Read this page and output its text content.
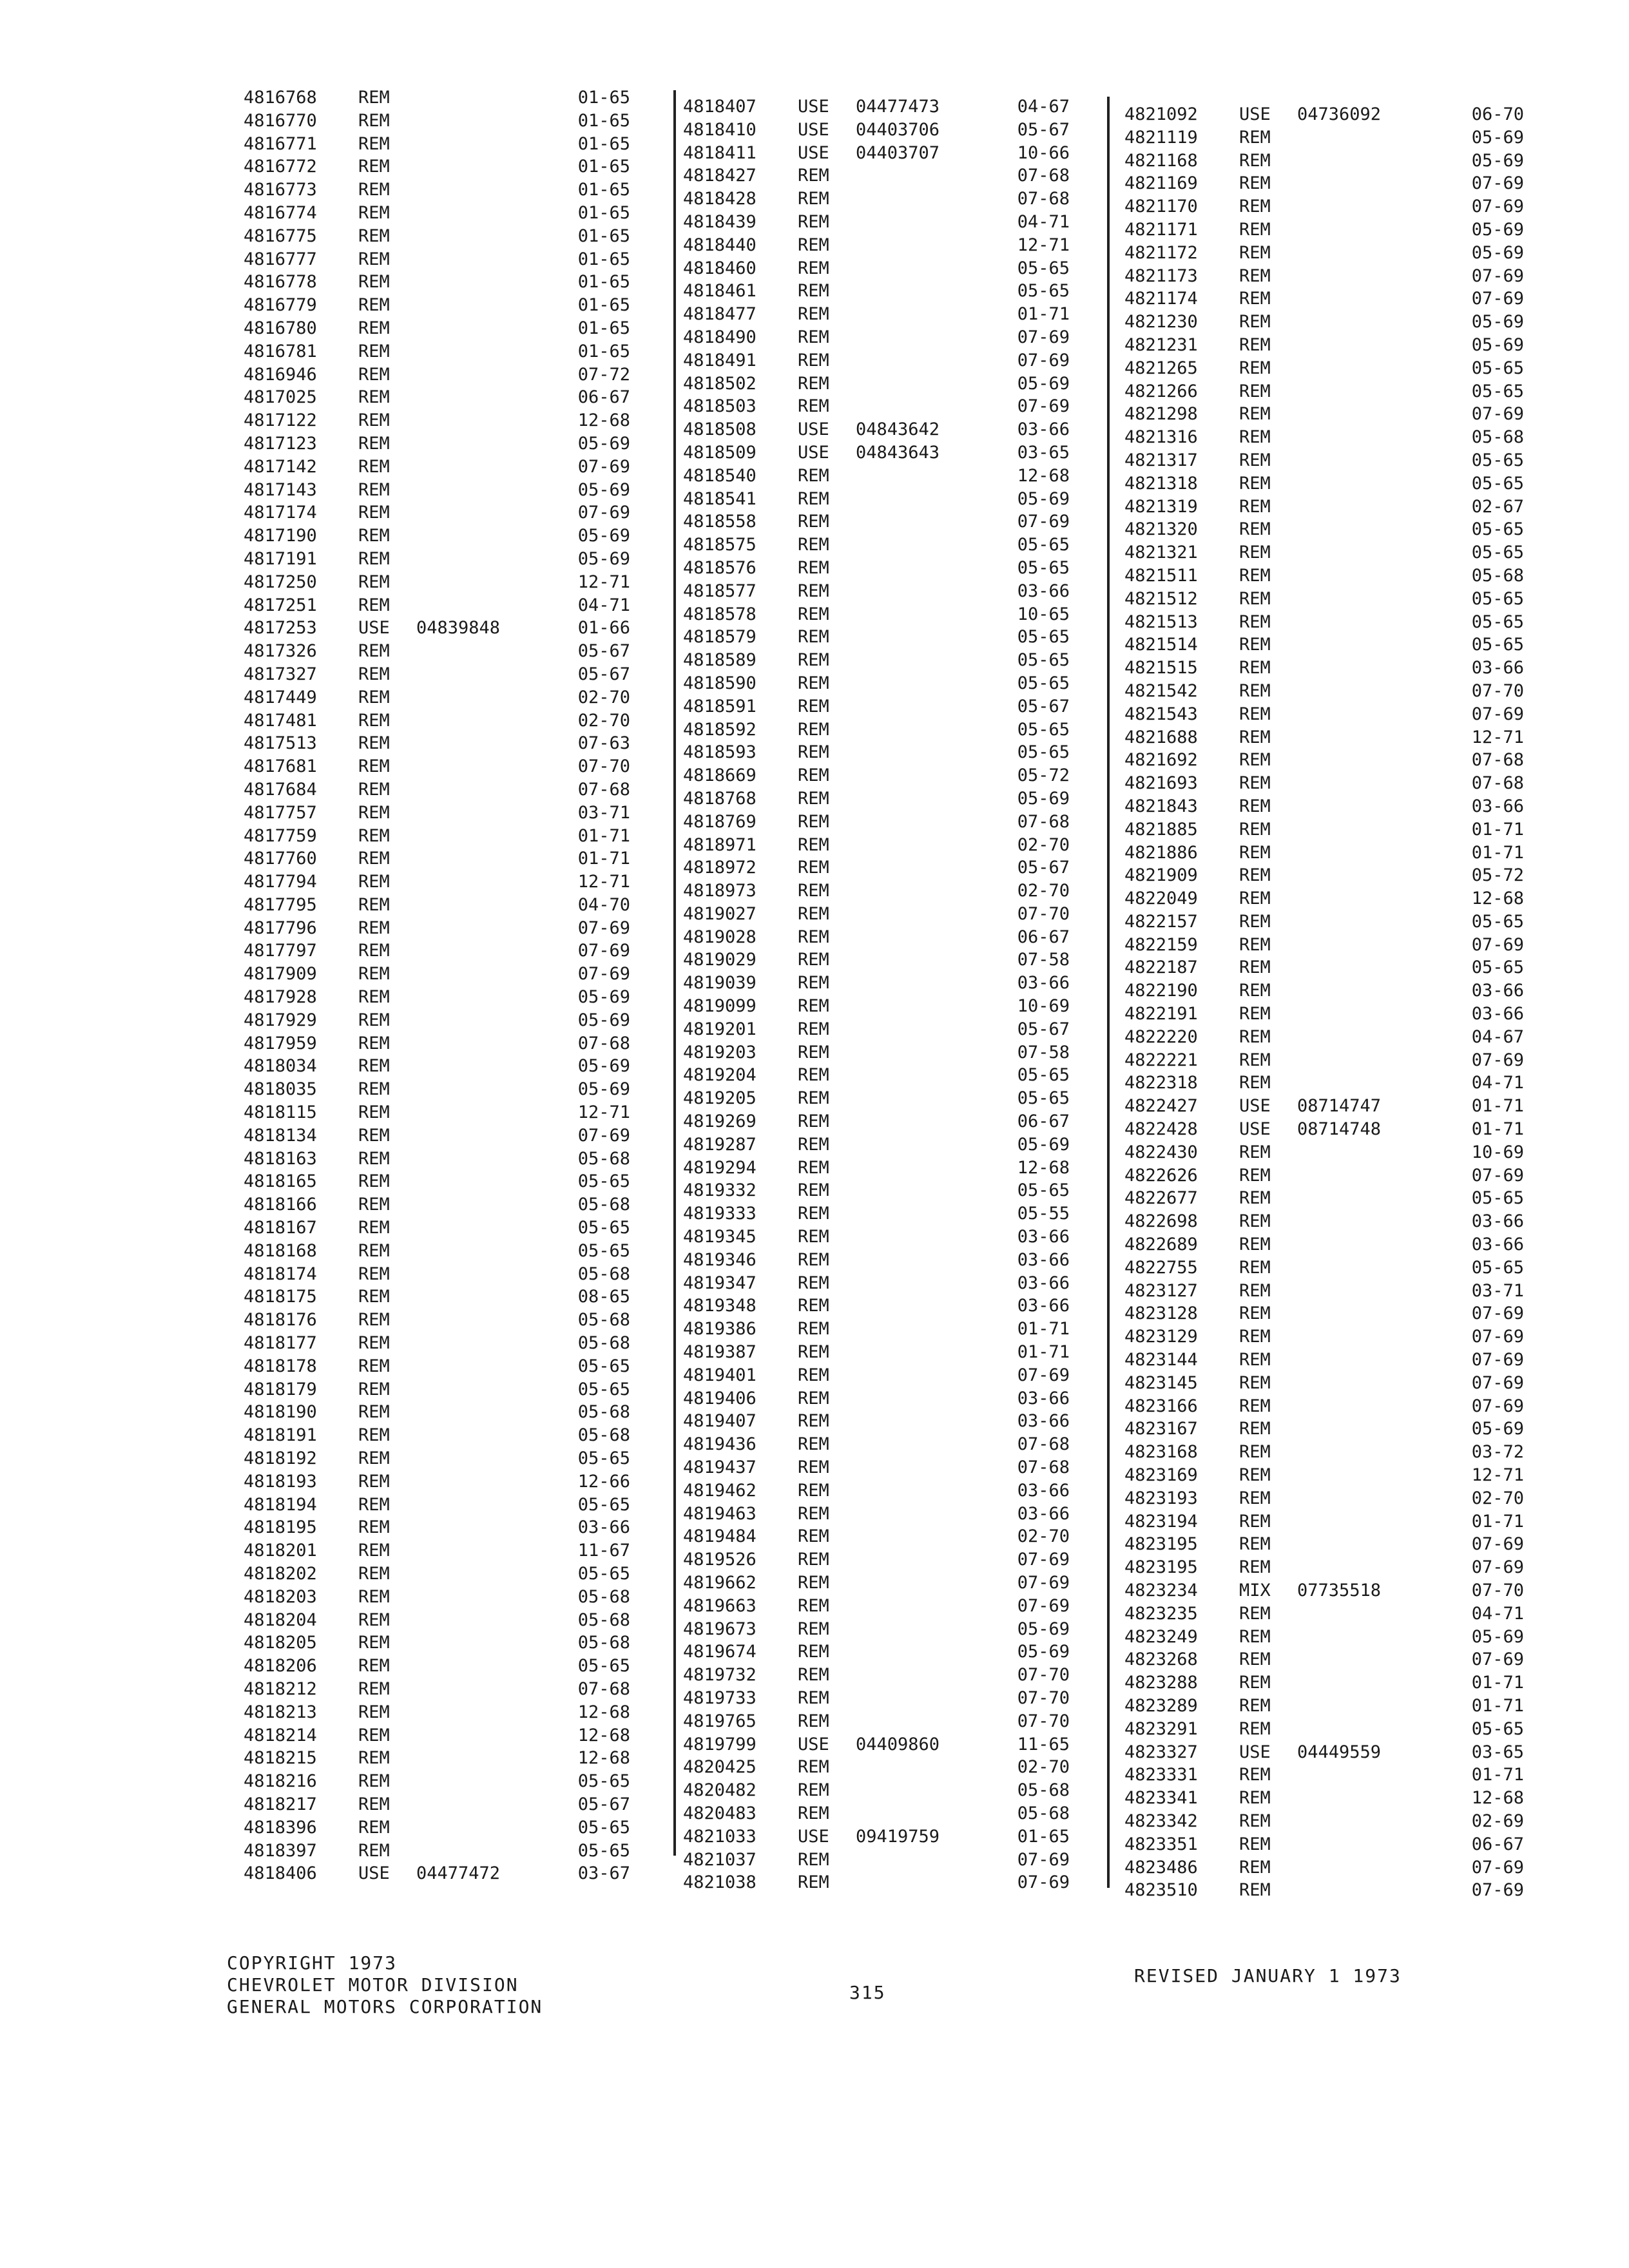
4816768 REM	01-65
4816770 REM	01-65
4816771 REM	01-65
4816772 REM	01-65
4816773 REM	01-65
4816774 REM	01-65
4816775 REM	01-65
4816777 REM	01-65
4816778 REM	01-65
4816779 REM	01-65
4816780 REM	01-65
4816781 REM	01-65
4816946 REM	07-72
4817025 REM	06-67
4817122 REM	12-68
4817123 REM	05-69
4817142 REM	07-69
4817143 REM	05-69
4817174 REM	07-69
4817190 REM	05-69
4817191 REM	05-69
4817250 REM	12-71
4817251 REM	04-71
4817253 USE 04839848	01-66
4817326 REM	05-67
4817327 REM	05-67
4817449 REM	02-70
4817481 REM	02-70
4817513 REM	07-63
4817681 REM	07-70
4817684 REM	07-68
4817757 REM	03-71
4817759 REM	01-71
4817760 REM	01-71
4817794 REM	12-71
4817795 REM	04-70
4817796 REM	07-69
4817797 REM	07-69
4817909 REM	07-69
4817928 REM	05-69
4817929 REM	05-69
4817959 REM	07-68
4818034 REM	05-69
4818035 REM	05-69
4818115 REM	12-71
4818134 REM	07-69
4818163 REM	05-68
4818165 REM	05-65
4818166 REM	05-68
4818167 REM	05-65
4818168 REM	05-65
4818174 REM	05-68
4818175 REM	08-65
4818176 REM	05-68
4818177 REM	05-68
4818178 REM	05-65
4818179 REM	05-65
4818190 REM	05-68
4818191 REM	05-68
4818192 REM	05-65
4818193 REM	12-66
4818194 REM	05-65
4818195 REM	03-66
4818201 REM	11-67
4818202 REM	05-65
4818203 REM	05-68
4818204 REM	05-68
4818205 REM	05-68
4818206 REM	05-65
4818212 REM	07-68
4818213 REM	12-68
4818214 REM	12-68
4818215 REM	12-68
4818216 REM	05-65
4818217 REM	05-67
4818396 REM	05-65
4818397 REM	05-65
4818406 USE 04477472	03-67
4818407 USE 04477473	04-67
4818410 USE 04403706	05-67
4818411 USE 04403707	10-66
4818427 REM	07-68
4818428 REM	07-68
4818439 REM	04-71
4818440 REM	12-71
4818460 REM	05-65
4818461 REM	05-65
4818477 REM	01-71
4818490 REM	07-69
4818491 REM	07-69
4818502 REM	05-69
4818503 REM	07-69
4818508 USE 04843642	03-66
4818509 USE 04843643	03-65
4818540 REM	12-68
4818541 REM	05-69
4818558 REM	07-69
4818575 REM	05-65
4818576 REM	05-65
4818577 REM	03-66
4818578 REM	10-65
4818579 REM	05-65
4818589 REM	05-65
4818590 REM	05-65
4818591 REM	05-67
4818592 REM	05-65
4818593 REM	05-65
4818669 REM	05-72
4818768 REM	05-69
4818769 REM	07-68
4818971 REM	02-70
4818972 REM	05-67
4818973 REM	02-70
4819027 REM	07-70
4819028 REM	06-67
4819029 REM	07-58
4819039 REM	03-66
4819099 REM	10-69
4819201 REM	05-67
4819203 REM	07-58
4819204 REM	05-65
4819205 REM	05-65
4819269 REM	06-67
4819287 REM	05-69
4819294 REM	12-68
4819332 REM	05-65
4819333 REM	05-55
4819345 REM	03-66
4819346 REM	03-66
4819347 REM	03-66
4819348 REM	03-66
4819386 REM	01-71
4819387 REM	01-71
4819401 REM	07-69
4819406 REM	03-66
4819407 REM	03-66
4819436 REM	07-68
4819437 REM	07-68
4819462 REM	03-66
4819463 REM	03-66
4819484 REM	02-70
4819526 REM	07-69
4819662 REM	07-69
4819663 REM	07-69
4819673 REM	05-69
4819674 REM	05-69
4819732 REM	07-70
4819733 REM	07-70
4819765 REM	07-70
4819799 USE 04409860	11-65
4820425 REM	02-70
4820482 REM	05-68
4820483 REM	05-68
4821033 USE 09419759	01-65
4821037 REM	07-69
4821038 REM	07-69
4821092 USE 04736092	06-70
4821119 REM	05-69
4821168 REM	05-69
4821169 REM	07-69
4821170 REM	07-69
4821171 REM	05-69
4821172 REM	05-69
4821173 REM	07-69
4821174 REM	07-69
4821230 REM	05-69
4821231 REM	05-69
4821265 REM	05-65
4821266 REM	05-65
4821298 REM	07-69
4821316 REM	05-68
4821317 REM	05-65
4821318 REM	05-65
4821319 REM	02-67
4821320 REM	05-65
4821321 REM	05-65
4821511 REM	05-68
4821512 REM	05-65
4821513 REM	05-65
4821514 REM	05-65
4821515 REM	03-66
4821542 REM	07-70
4821543 REM	07-69
4821688 REM	12-71
4821692 REM	07-68
4821693 REM	07-68
4821843 REM	03-66
4821885 REM	01-71
4821886 REM	01-71
4821909 REM	05-72
4822049 REM	12-68
4822157 REM	05-65
4822159 REM	07-69
4822187 REM	05-65
4822190 REM	03-66
4822191 REM	03-66
4822220 REM	04-67
4822221 REM	07-69
4822318 REM	04-71
4822427 USE 08714747	01-71
4822428 USE 08714748	01-71
4822430 REM	10-69
4822626 REM	07-69
4822677 REM	05-65
4822698 REM	03-66
4822689 REM	03-66
4822755 REM	05-65
4823127 REM	03-71
4823128 REM	07-69
4823129 REM	07-69
4823144 REM	07-69
4823145 REM	07-69
4823166 REM	07-69
4823167 REM	05-69
4823168 REM	03-72
4823169 REM	12-71
4823193 REM	02-70
4823194 REM	01-71
4823195 REM	07-69
4823195 REM	07-69
4823234 MIX 07735518	07-70
4823235 REM	04-71
4823249 REM	05-69
4823268 REM	07-69
4823288 REM	01-71
4823289 REM	01-71
4823291 REM	05-65
4823327 USE 04449559	03-65
4823331 REM	01-71
4823341 REM	12-68
4823342 REM	02-69
4823351 REM	06-67
4823486 REM	07-69
4823510 REM	07-69
COPYRIGHT 1973
CHEVROLET MOTOR DIVISION
GENERAL MOTORS CORPORATION
315
REVISED JANUARY 1 1973
